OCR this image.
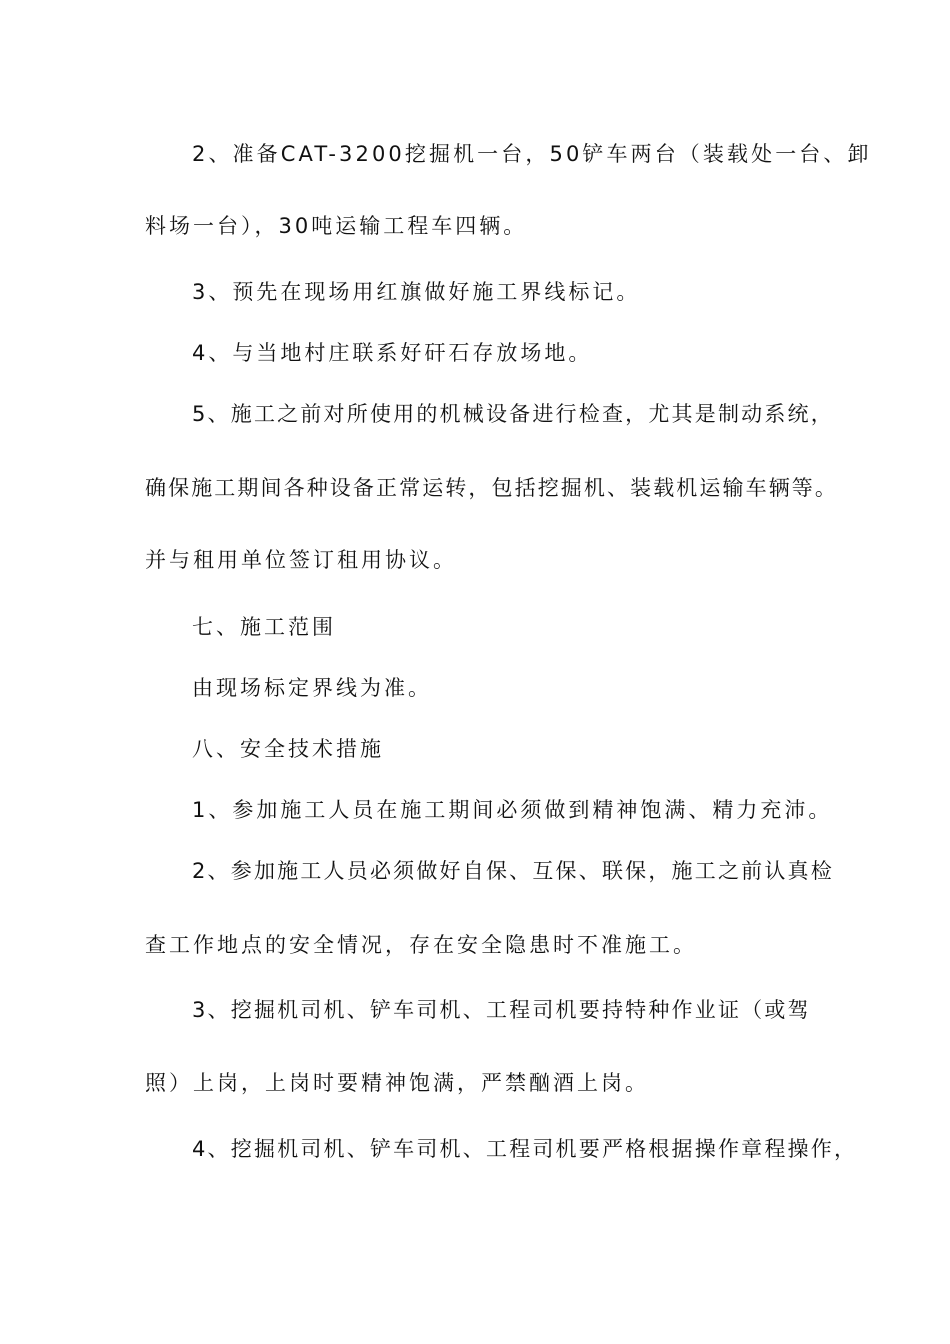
2、准备CAT-3200挖掘机一台，50铲车两台（装载处一台、卸
料场一台），30吨运输工程车四辆。
3、预先在现场用红旗做好施工界线标记。
4、与当地村庄联系好矸石存放场地。
5、施工之前对所使用的机械设备进行检查，尤其是制动系统，
确保施工期间各种设备正常运转，包括挖掘机、装载机运输车辆等。
并与租用单位签订租用协议。
七、施工范围
由现场标定界线为准。
八、安全技术措施
1、参加施工人员在施工期间必须做到精神饱满、精力充沛。
2、参加施工人员必须做好自保、互保、联保，施工之前认真检
查工作地点的安全情况，存在安全隐患时不准施工。
3、挖掘机司机、铲车司机、工程司机要持特种作业证（或驾
照）上岗，上岗时要精神饱满，严禁酗酒上岗。
4、挖掘机司机、铲车司机、工程司机要严格根据操作章程操作，
